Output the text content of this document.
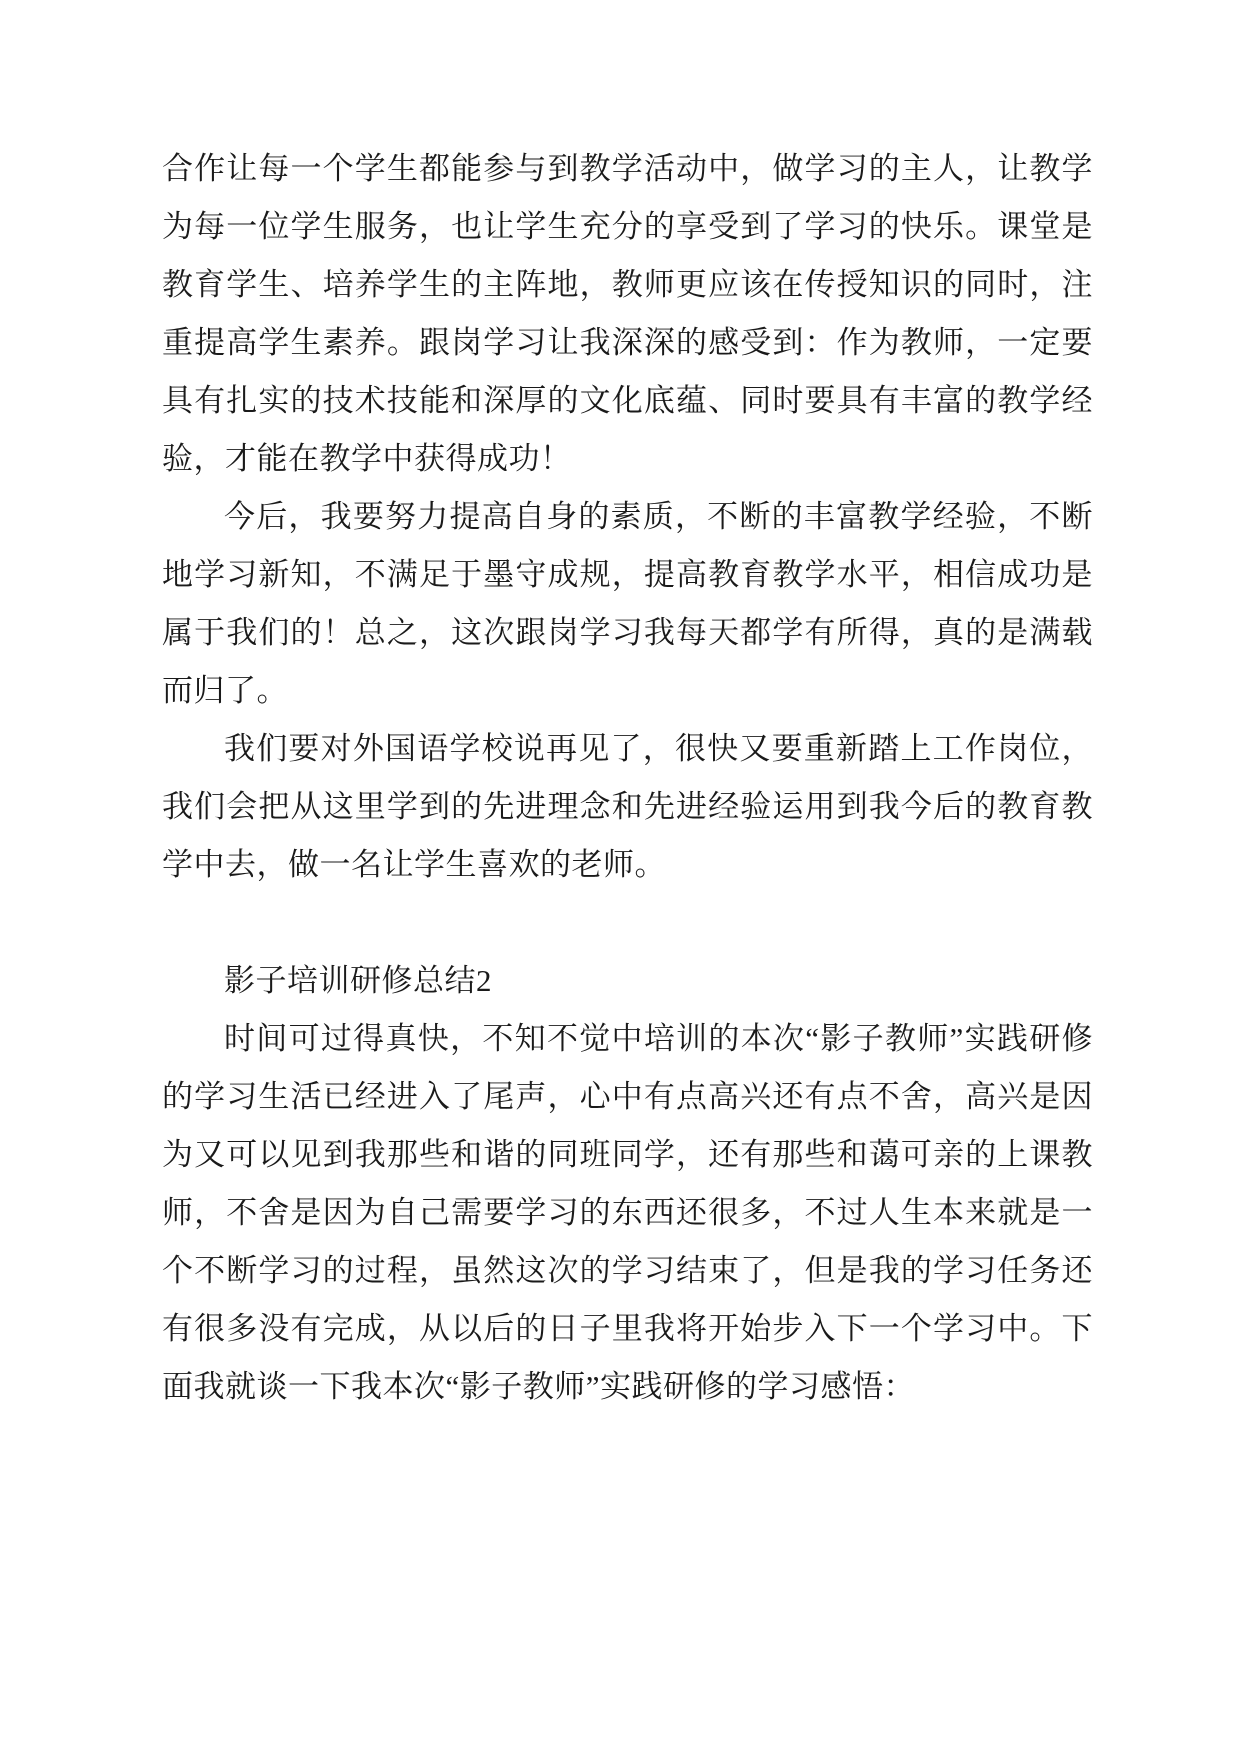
合作让每一个学生都能参与到教学活动中，做学习的主人，让教学为每一位学生服务，也让学生充分的享受到了学习的快乐。课堂是教育学生、培养学生的主阵地，教师更应该在传授知识的同时，注重提高学生素养。跟岗学习让我深深的感受到：作为教师，一定要具有扎实的技术技能和深厚的文化底蕴、同时要具有丰富的教学经验，才能在教学中获得成功！

今后，我要努力提高自身的素质，不断的丰富教学经验，不断地学习新知，不满足于墨守成规，提高教育教学水平，相信成功是属于我们的！总之，这次跟岗学习我每天都学有所得，真的是满载而归了。

我们要对外国语学校说再见了，很快又要重新踏上工作岗位，我们会把从这里学到的先进理念和先进经验运用到我今后的教育教学中去，做一名让学生喜欢的老师。

影子培训研修总结2

时间可过得真快，不知不觉中培训的本次“影子教师”实践研修的学习生活已经进入了尾声，心中有点高兴还有点不舍，高兴是因为又可以见到我那些和谐的同班同学，还有那些和蔼可亲的上课教师，不舍是因为自己需要学习的东西还很多，不过人生本来就是一个不断学习的过程，虽然这次的学习结束了，但是我的学习任务还有很多没有完成，从以后的日子里我将开始步入下一个学习中。下面我就谈一下我本次“影子教师”实践研修的学习感悟：
